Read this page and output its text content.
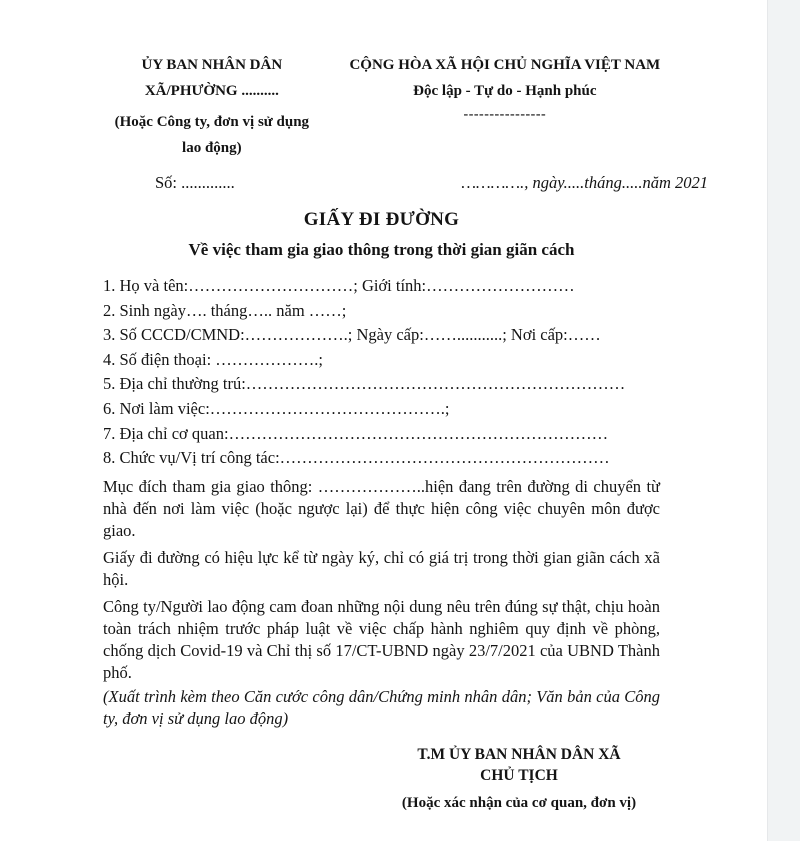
ỦY BAN NHÂN DÂN
XÃ/PHƯỜNG ..........
(Hoặc Công ty, đơn vị sử dụng
lao động)
CỘNG HÒA XÃ HỘI CHỦ NGHĨA VIỆT NAM
Độc lập - Tự do - Hạnh phúc
----------------
Số: .............	…………., ngày.....tháng.....năm 2021
GIẤY ĐI ĐƯỜNG
Về việc tham gia giao thông trong thời gian giãn cách
1. Họ và tên:…………………………; Giới tính:………………………
2. Sinh ngày…. tháng….. năm ……;
3. Số CCCD/CMND:……………….; Ngày cấp:……...........; Nơi cấp:……
4. Số điện thoại: ……………….;
5. Địa chỉ thường trú:……………………………………………………………
6. Nơi làm việc:…………………………………….;
7. Địa chỉ cơ quan:……………………………………………………………
8. Chức vụ/Vị trí công tác:……………………………………………………

Mục đích tham gia giao thông: ………………..hiện đang trên đường di chuyển từ nhà đến nơi làm việc (hoặc ngược lại) để thực hiện công việc chuyên môn được giao.

Giấy đi đường có hiệu lực kể từ ngày ký, chỉ có giá trị trong thời gian giãn cách xã hội.

Công ty/Người lao động cam đoan những nội dung nêu trên đúng sự thật, chịu hoàn toàn trách nhiệm trước pháp luật về việc chấp hành nghiêm quy định về phòng, chống dịch Covid-19 và Chỉ thị số 17/CT-UBND ngày 23/7/2021 của UBND Thành phố.

(Xuất trình kèm theo Căn cước công dân/Chứng minh nhân dân; Văn bản của Công ty, đơn vị sử dụng lao động)

T.M ỦY BAN NHÂN DÂN XÃ
CHỦ TỊCH
(Hoặc xác nhận của cơ quan, đơn vị)
